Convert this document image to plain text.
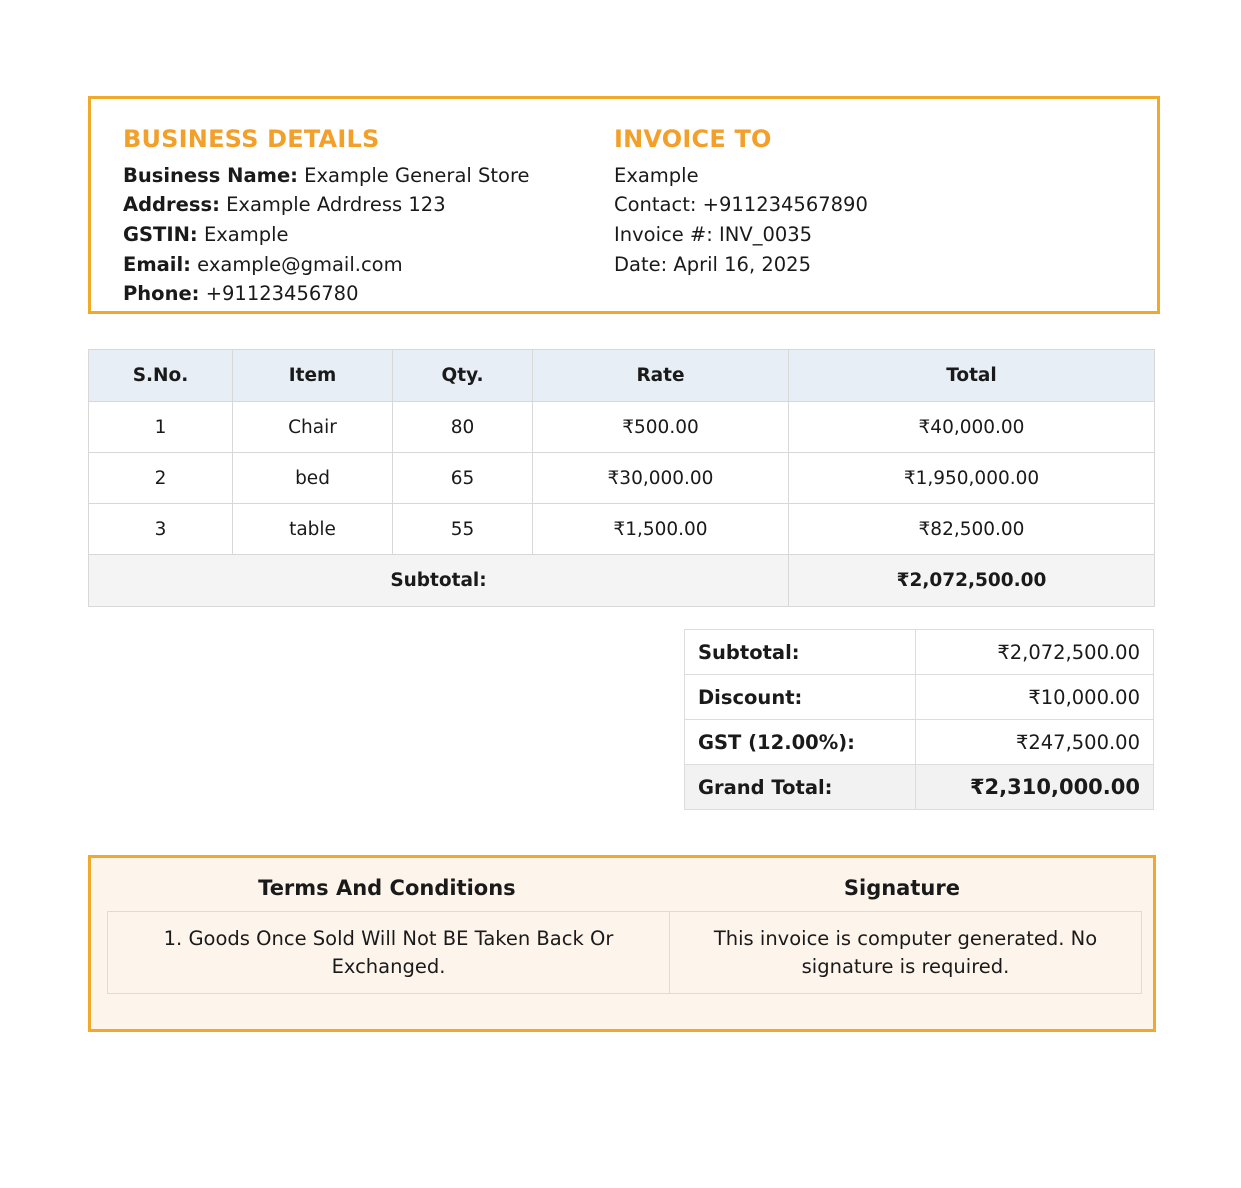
BUSINESS DETAILS
Business Name: Example General Store
Address: Example Adrdress 123
GSTIN: Example
Email: example@gmail.com
Phone: +91123456780
INVOICE TO
Example
Contact: +911234567890
Invoice #: INV_0035
Date: April 16, 2025
S.No.	Item	Qty.	Rate	Total
1	Chair	80	₹500.00	₹40,000.00
2	bed	65	₹30,000.00	₹1,950,000.00
3	table	55	₹1,500.00	₹82,500.00
Subtotal:				₹2,072,500.00
Subtotal:	₹2,072,500.00
Discount:	₹10,000.00
GST (12.00%):	₹247,500.00
Grand Total:	₹2,310,000.00
Terms And Conditions	Signature
1. Goods Once Sold Will Not BE Taken Back Or Exchanged.	This invoice is computer generated. No signature is required.
